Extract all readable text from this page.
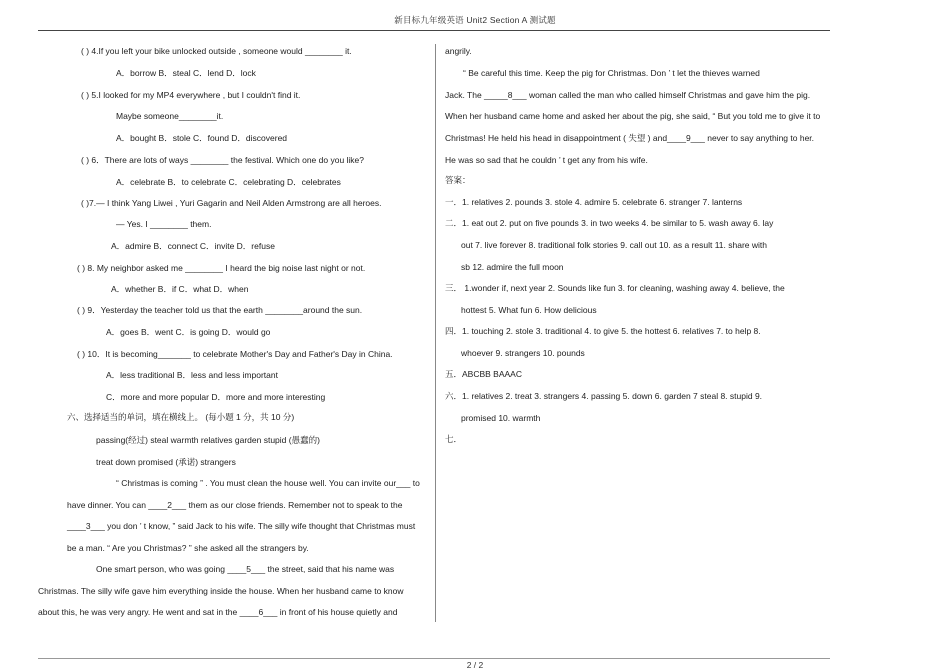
新目标九年级英语 Unit2 Section A 测试题
( ) 4.If you left your bike unlocked outside , someone would ________ it.
A．borrow B．steal C．lend D．lock
( ) 5.I looked for my MP4 everywhere , but I couldn't find it.
Maybe someone________it.
A．bought B．stole C．found D．discovered
( ) 6．There are lots of ways ________ the festival. Which one do you like?
A．celebrate B．to celebrate C．celebrating D．celebrates
( )7.— I think Yang Liwei , Yuri Gagarin and Neil Alden Armstrong are all heroes.
— Yes. I ________ them.
A．admire B．connect C．invite D．refuse
( ) 8. My neighbor asked me ________ I heard the big noise last night or not.
A．whether B．if C．what D．when
( ) 9．Yesterday the teacher told us that the earth ________around the sun.
A．goes B．went C．is going D．would go
( ) 10．It is becoming_______ to celebrate Mother's Day and Father's Day in China.
A．less traditional B．less and less important
C．more and more popular D．more and more interesting
六、选择适当的单词，填在横线上。 (每小题 1 分，共 10 分)
passing(经过) steal warmth relatives garden stupid (愚蠢的)
treat down promised (承诺) strangers
“ Christmas is coming ” . You must clean the house well. You can invite our___ to
have dinner. You can ____2___ them as our close friends. Remember not to speak to the
____3___ you don ’ t know, ” said Jack to his wife. The silly wife thought that Christmas must
be a man. “ Are you Christmas? ” she asked all the strangers by.
One smart person, who was going ____5___ the street, said that his name was
Christmas. The silly wife gave him everything inside the house. When her husband came to know
about this, he was very angry. He went and sat in the ____6___ in front of his house quietly and
angrily.
“ Be careful this time. Keep the pig for Christmas. Don ’ t let the thieves warned
Jack. The _____8___ woman called the man who called himself Christmas and gave him the pig.
When her husband came home and asked her about the pig, she said, “ But you told me to give it to
Christmas! He held his head in disappointment ( 失望 ) and____9___ never to say anything to her.
He was so sad that he couldn ’ t get any from his wife.
答案：
一．1. relatives 2. pounds 3. stole 4. admire 5. celebrate 6. stranger 7. lanterns
二．1. eat out 2. put on five pounds 3. in two weeks 4. be similar to 5. wash away 6. lay
out 7. live forever 8. traditional folk stories 9. call out 10. as a result 11. share with
sb 12. admire the full moon
三． 1.wonder if, next year 2. Sounds like fun 3. for cleaning, washing away 4. believe, the
hottest 5. What fun 6. How delicious
四．1. touching 2. stole 3. traditional 4. to give 5. the hottest 6. relatives 7. to help 8.
whoever 9. strangers 10. pounds
五．ABCBB BAAAC
六．1. relatives 2. treat 3. strangers 4. passing 5. down 6. garden 7 steal 8. stupid 9.
promised 10. warmth
七．
2 / 2
